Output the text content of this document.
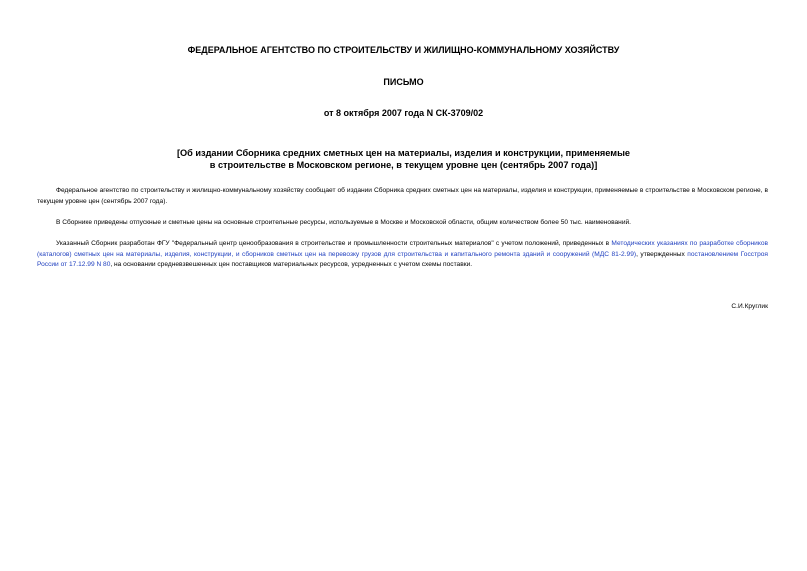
ФЕДЕРАЛЬНОЕ АГЕНТСТВО ПО СТРОИТЕЛЬСТВУ И ЖИЛИЩНО-КОММУНАЛЬНОМУ ХОЗЯЙСТВУ
ПИСЬМО
от 8 октября 2007 года N СК-3709/02
[Об издании Сборника средних сметных цен на материалы, изделия и конструкции, применяемые
в строительстве в Московском регионе, в текущем уровне цен (сентябрь 2007 года)]

Федеральное агентство по строительству и жилищно-коммунальному хозяйству сообщает об издании Сборника средних сметных цен на материалы, изделия и конструкции, применяемые в строительстве в Московском регионе, в текущем уровне цен (сентябрь 2007 года).

В Сборнике приведены отпускные и сметные цены на основные строительные ресурсы, используемые в Москве и Московской области, общим количеством более 50 тыс. наименований.

Указанный Сборник разработан ФГУ "Федеральный центр ценообразования в строительстве и промышленности строительных материалов" с учетом положений, приведенных в Методических указаниях по разработке сборников (каталогов) сметных цен на материалы, изделия, конструкции, и сборников сметных цен на перевозку грузов для строительства и капитального ремонта зданий и сооружений (МДС 81-2.99), утвержденных постановлением Госстроя России от 17.12.99 N 80, на основании средневзвешенных цен поставщиков материальных ресурсов, усредненных с учетом схемы поставки.

С.И.Круглик
